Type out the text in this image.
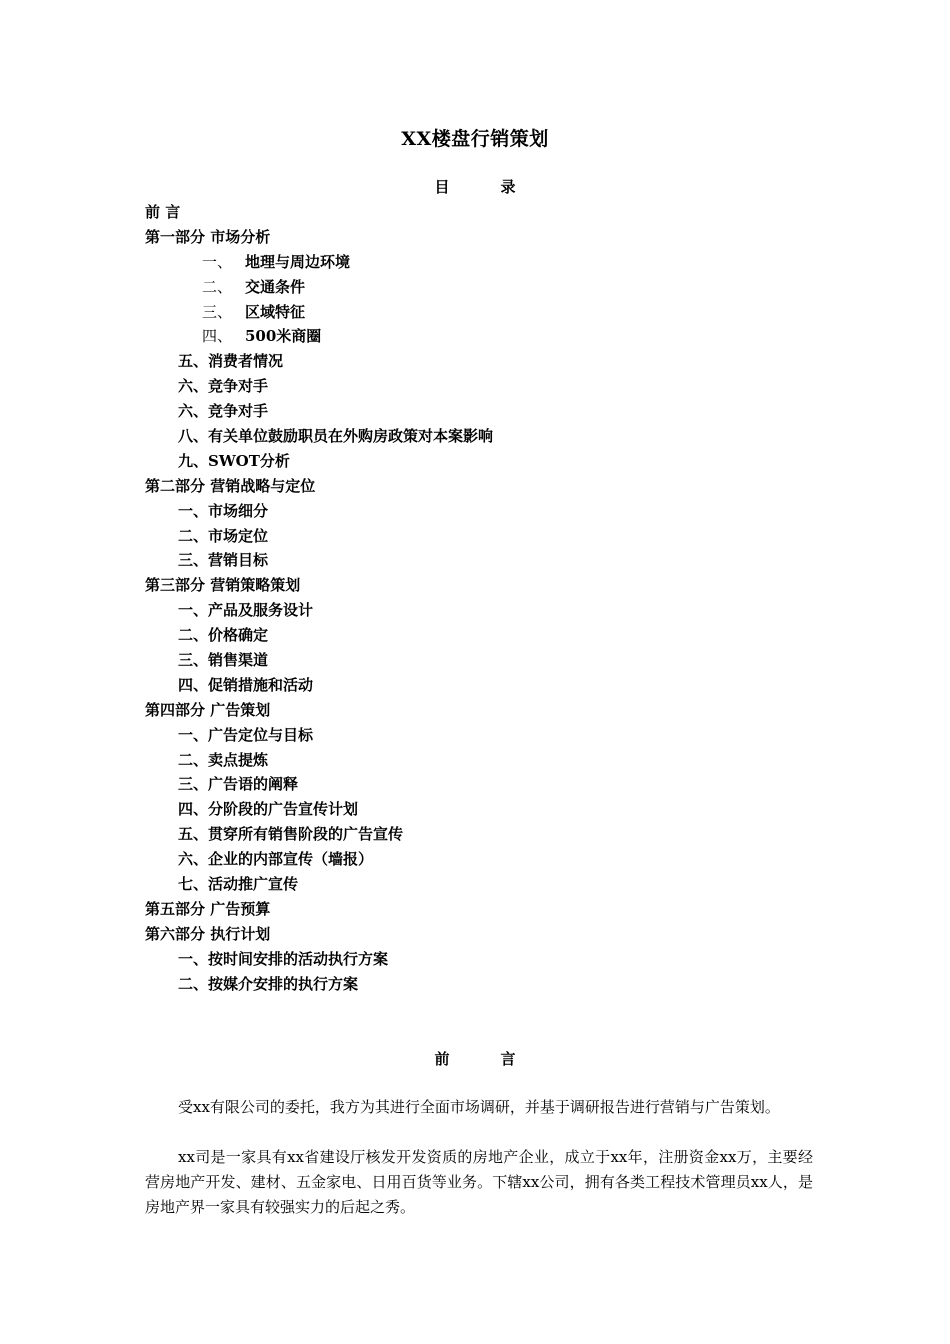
XX楼盘行销策划
目　录
前 言
第一部分 市场分析
一、 地理与周边环境
二、 交通条件
三、 区域特征
四、 500米商圈
五、消费者情况
六、竞争对手
六、竞争对手
八、有关单位鼓励职员在外购房政策对本案影响
九、SWOT分析
第二部分 营销战略与定位
一、市场细分
二、市场定位
三、营销目标
第三部分 营销策略策划
一、产品及服务设计
二、价格确定
三、销售渠道
四、促销措施和活动
第四部分 广告策划
一、广告定位与目标
二、卖点提炼
三、广告语的阐释
四、分阶段的广告宣传计划
五、贯穿所有销售阶段的广告宣传
六、企业的内部宣传（墙报）
七、活动推广宣传
第五部分 广告预算
第六部分 执行计划
一、按时间安排的活动执行方案
二、按媒介安排的执行方案
前　言
受xx有限公司的委托，我方为其进行全面市场调研，并基于调研报告进行营销与广告策划。
xx司是一家具有xx省建设厅核发开发资质的房地产企业，成立于xx年，注册资金xx万，主要经营房地产开发、建材、五金家电、日用百货等业务。下辖xx公司，拥有各类工程技术管理员xx人，是房地产界一家具有较强实力的后起之秀。
